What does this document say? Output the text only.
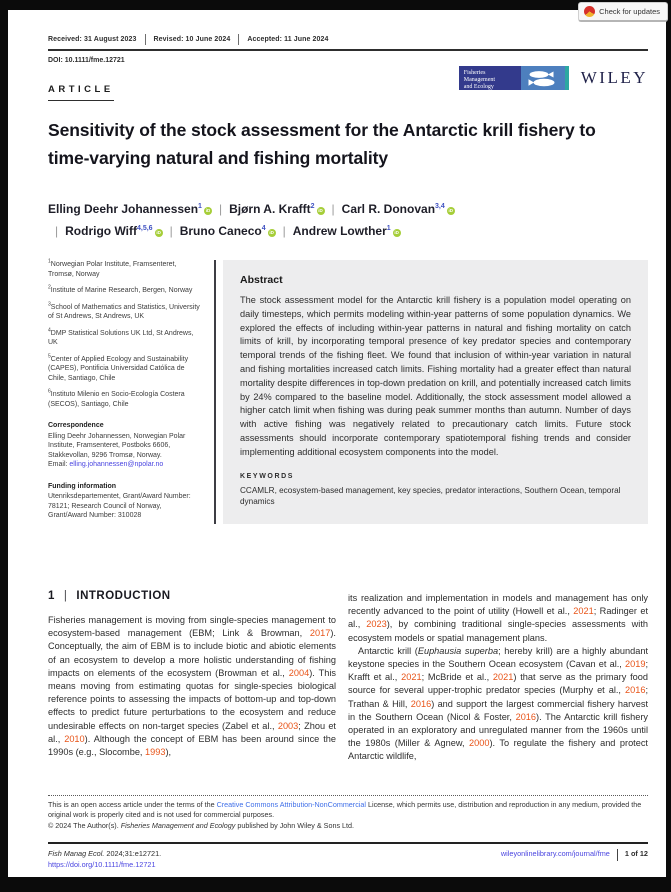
Check for updates
Received: 31 August 2023 Revised: 10 June 2024 Accepted: 11 June 2024
DOI: 10.1111/fme.12721
ARTICLE
Fisheries Management
and Ecology	WILEY
Sensitivity of the stock assessment for the Antarctic krill fishery to time-varying natural and fishing mortality
Elling Deehr Johannessen$^1$iD | Bjørn A. Krafft$^2$iD | Carl R. Donovan$^{3,4}$iD| Rodrigo Wiff$^{4,5,6}$iD | Bruno Caneco$^4$iD | Andrew Lowther$^1$iD
$^1$Norwegian Polar Institute, Framsenteret, Tromsø, Norway
$^2$Institute of Marine Research, Bergen, Norway
$^3$School of Mathematics and Statistics, University of St Andrews, St Andrews, UK
$^4$DMP Statistical Solutions UK Ltd, St Andrews, UK
$^5$Center of Applied Ecology and Sustainability (CAPES), Pontificia Universidad Católica de Chile, Santiago, Chile
$^6$Instituto Milenio en Socio-Ecología Costera (SECOS), Santiago, Chile
Correspondence
Elling Deehr Johannessen, Norwegian Polar Institute, Framsenteret, Postboks 6606, Stakkevollan, 9296 Tromsø, Norway.
Email: elling.johannessen@npolar.no
Funding information
Utenriksdepartementet, Grant/Award Number: 78121; Research Council of Norway, Grant/Award Number: 310028
Abstract

The stock assessment model for the Antarctic krill fishery is a population model operating on daily timesteps, which permits modeling within-year patterns of some population dynamics. We explored the effects of including within-year patterns in natural and fishing mortality on catch limits of krill, by incorporating temporal presence of key predator species and contemporary temporal trends of the fishing fleet. We found that inclusion of within-year variation in natural and fishing mortalities increased catch limits. Fishing mortality had a greater effect than natural mortality despite differences in top-down predation on krill, and potentially increased catch limits by 24% compared to the baseline model. Additionally, the stock assessment model allowed a higher catch limit when fishing was during peak summer months than autumn. Number of days with active fishing was negatively related to precautionary catch limits. Future stock assessments should incorporate contemporary spatiotemporal fishing trends and consider implementing additional ecosystem components into the model.

KEYWORDS

CCAMLR, ecosystem-based management, key species, predator interactions, Southern Ocean, temporal dynamics

1 | INTRODUCTION

Fisheries management is moving from single-species management to ecosystem-based management (EBM; Link & Browman, 2017). Conceptually, the aim of EBM is to include biotic and abiotic elements of an ecosystem to develop a more holistic understanding of fishing impacts on elements of the ecosystem (Browman et al., 2004). This means moving from estimating quotas for single-species biological reference points to assessing the impacts of bottom-up and top-down effects to predict future perturbations to the ecosystem and reduce undesirable effects on non-target species (Zabel et al., 2003; Zhou et al., 2010). Although the concept of EBM has been around since the 1990s (e.g., Slocombe, 1993),

its realization and implementation in models and management has only recently advanced to the point of utility (Howell et al., 2021; Radinger et al., 2023), by combining traditional single-species assessments with ecosystem models or spatial management plans.

Antarctic krill (Euphausia superba; hereby krill) are a highly abundant keystone species in the Southern Ocean ecosystem (Cavan et al., 2019; Krafft et al., 2021; McBride et al., 2021) that serve as the primary food source for several upper-trophic predator species (Murphy et al., 2016; Trathan & Hill, 2016) and support the largest commercial fishery harvest in the Southern Ocean (Nicol & Foster, 2016). The Antarctic krill fishery operated in an exploratory and unregulated manner from the 1960s until the 1980s (Miller & Agnew, 2000). To regulate the fishery and protect Antarctic wildlife,

This is an open access article under the terms of the Creative Commons Attribution-NonCommercial License, which permits use, distribution and reproduction in any medium, provided the original work is properly cited and is not used for commercial purposes.

© 2024 The Author(s). Fisheries Management and Ecology published by John Wiley & Sons Ltd.

Fish Manag Ecol. 2024;31:e12721.
https://doi.org/10.1111/fme.12721
wileyonlinelibrary.com/journal/fme 1 of 12
